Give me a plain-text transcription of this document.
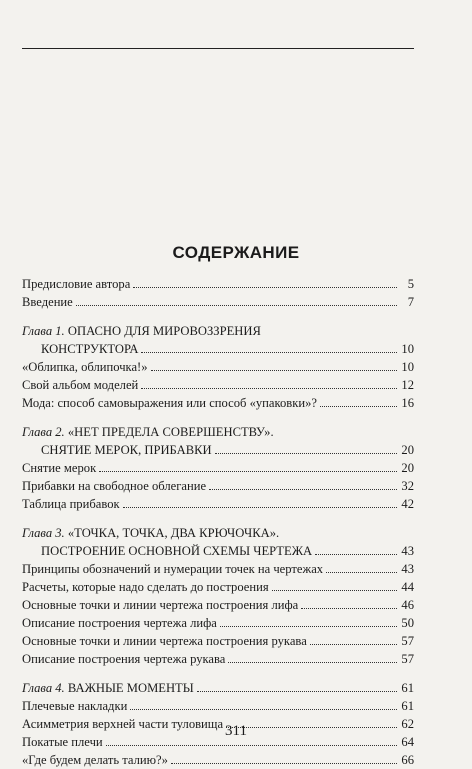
СОДЕРЖАНИЕ
Предисловие автора	5
Введение	7
Глава 1. ОПАСНО ДЛЯ МИРОВОЗЗРЕНИЯ
КОНСТРУКТОРА	10
«Облипка, облипочка!»	10
Свой альбом моделей	12
Мода: способ самовыражения или способ «упаковки»?	16
Глава 2. «НЕТ ПРЕДЕЛА СОВЕРШЕНСТВУ».
СНЯТИЕ МЕРОК, ПРИБАВКИ	20
Снятие мерок	20
Прибавки на свободное облегание	32
Таблица прибавок	42
Глава 3. «ТОЧКА, ТОЧКА, ДВА КРЮЧОЧКА».
ПОСТРОЕНИЕ ОСНОВНОЙ СХЕМЫ ЧЕРТЕЖА	43
Принципы обозначений и нумерации точек на чертежах	43
Расчеты, которые надо сделать до построения	44
Основные точки и линии чертежа построения лифа	46
Описание построения чертежа лифа	50
Основные точки и линии чертежа построения рукава	57
Описание построения чертежа рукава	57
Глава 4. ВАЖНЫЕ МОМЕНТЫ	61
Плечевые накладки	61
Асимметрия верхней части туловища	62
Покатые плечи	64
«Где будем делать талию?»	66
311
